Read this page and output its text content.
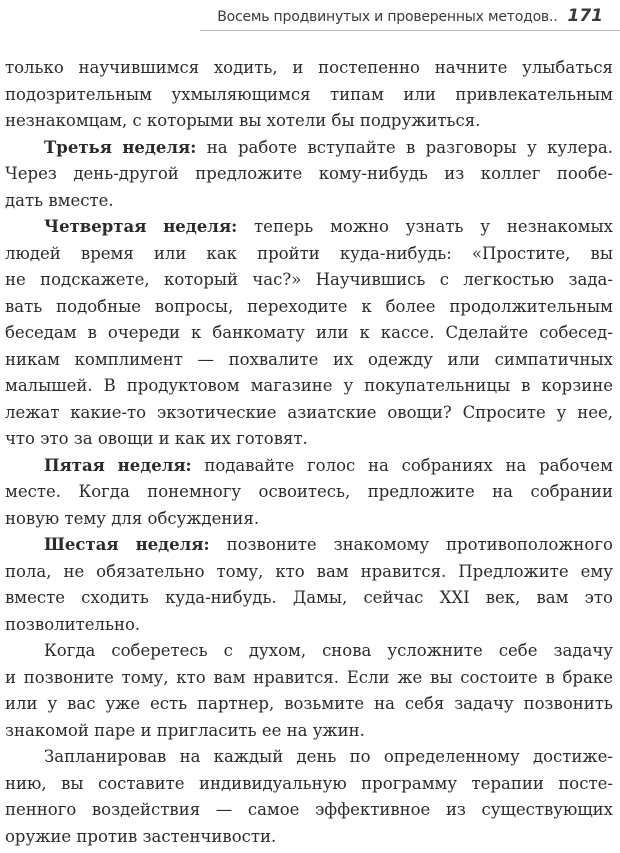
Восемь продвинутых и проверенных методов.. 171
только научившимся ходить, и постепенно начните улыбаться
подозрительным ухмыляющимся типам или привлекательным
незнакомцам, с которыми вы хотели бы подружиться.
Третья неделя: на работе вступайте в разговоры у кулера.
Через день-другой предложите кому-нибудь из коллег пообе-
дать вместе.
Четвертая неделя: теперь можно узнать у незнакомых
людей время или как пройти куда-нибудь: «Простите, вы
не подскажете, который час?» Научившись с легкостью зада-
вать подобные вопросы, переходите к более продолжительным
беседам в очереди к банкомату или к кассе. Сделайте собесед-
никам комплимент — похвалите их одежду или симпатичных
малышей. В продуктовом магазине у покупательницы в корзине
лежат какие-то экзотические азиатские овощи? Спросите у нее,
что это за овощи и как их готовят.
Пятая неделя: подавайте голос на собраниях на рабочем
месте. Когда понемногу освоитесь, предложите на собрании
новую тему для обсуждения.
Шестая неделя: позвоните знакомому противоположного
пола, не обязательно тому, кто вам нравится. Предложите ему
вместе сходить куда-нибудь. Дамы, сейчас XXI век, вам это
позволительно.
Когда соберетесь с духом, снова усложните себе задачу
и позвоните тому, кто вам нравится. Если же вы состоите в браке
или у вас уже есть партнер, возьмите на себя задачу позвонить
знакомой паре и пригласить ее на ужин.
Запланировав на каждый день по определенному достиже-
нию, вы составите индивидуальную программу терапии посте-
пенного воздействия — самое эффективное из существующих
оружие против застенчивости.
